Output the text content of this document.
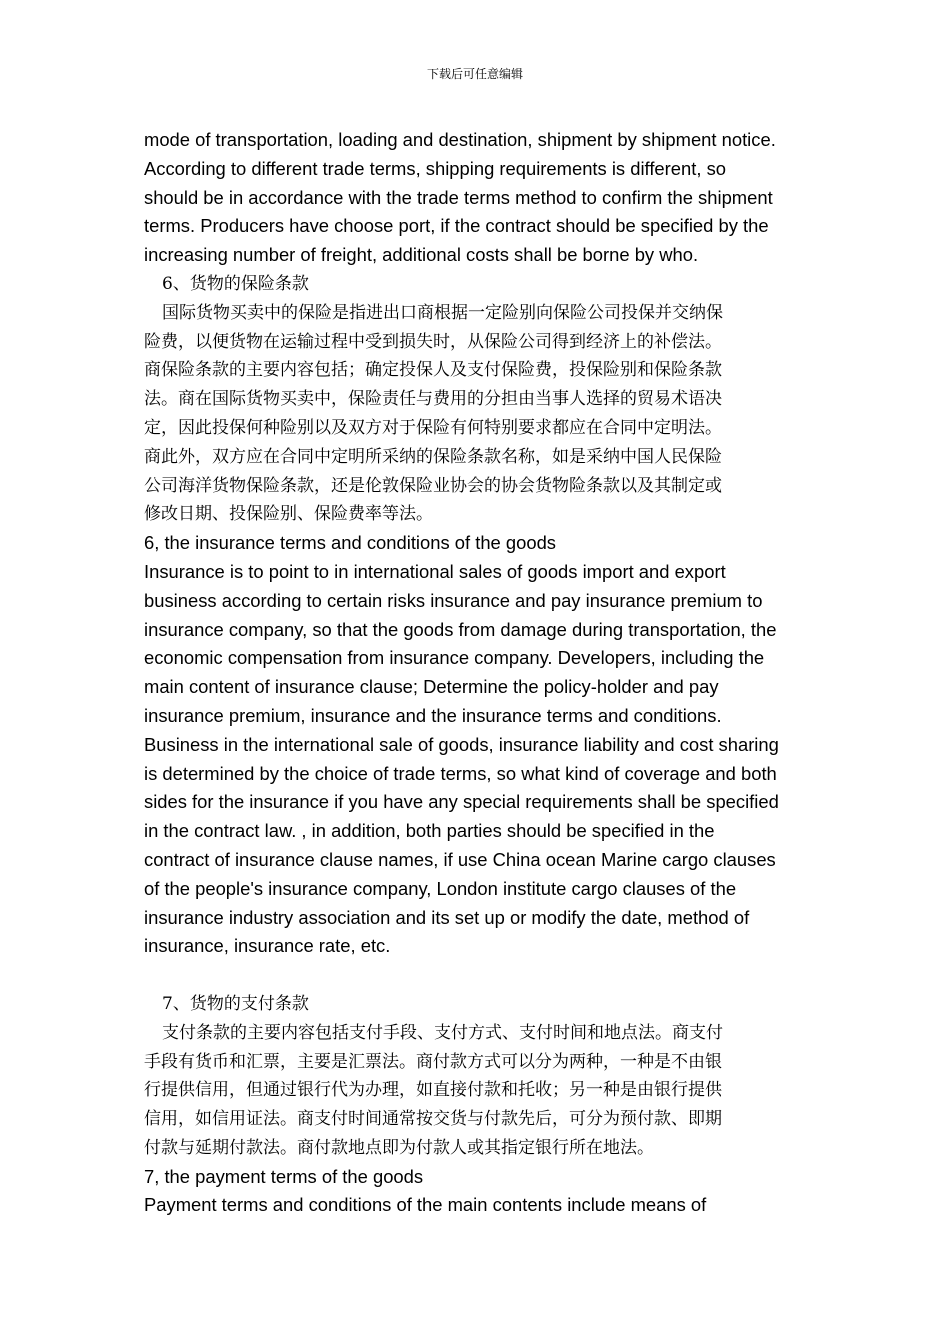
下载后可任意编辑

mode of transportation, loading and destination, shipment by shipment notice.

According to different trade terms, shipping requirements is different, so

should be in accordance with the trade terms method to confirm the shipment

terms. Producers have choose port, if the contract should be specified by the

increasing number of freight, additional costs shall be borne by who.

6、货物的保险条款

国际货物买卖中的保险是指进出口商根据一定险别向保险公司投保并交纳保

险费，以便货物在运输过程中受到损失时，从保险公司得到经济上的补偿法。

商保险条款的主要内容包括；确定投保人及支付保险费，投保险别和保险条款

法。商在国际货物买卖中，保险责任与费用的分担由当事人选择的贸易术语决

定，因此投保何种险别以及双方对于保险有何特别要求都应在合同中定明法。

商此外，双方应在合同中定明所采纳的保险条款名称，如是采纳中国人民保险

公司海洋货物保险条款，还是伦敦保险业协会的协会货物险条款以及其制定或

修改日期、投保险别、保险费率等法。

6, the insurance terms and conditions of the goods

Insurance is to point to in international sales of goods import and export

business according to certain risks insurance and pay insurance premium to

insurance company, so that the goods from damage during transportation, the

economic compensation from insurance company. Developers, including the

main content of insurance clause; Determine the policy-holder and pay

insurance premium, insurance and the insurance terms and conditions.

Business in the international sale of goods, insurance liability and cost sharing

is determined by the choice of trade terms, so what kind of coverage and both

sides for the insurance if you have any special requirements shall be specified

in the contract law. , in addition, both parties should be specified in the

contract of insurance clause names, if use China ocean Marine cargo clauses

of the people's insurance company, London institute cargo clauses of the

insurance industry association and its set up or modify the date, method of

insurance, insurance rate, etc.

7、货物的支付条款

支付条款的主要内容包括支付手段、支付方式、支付时间和地点法。商支付

手段有货币和汇票，主要是汇票法。商付款方式可以分为两种，一种是不由银

行提供信用，但通过银行代为办理，如直接付款和托收；另一种是由银行提供

信用，如信用证法。商支付时间通常按交货与付款先后，可分为预付款、即期

付款与延期付款法。商付款地点即为付款人或其指定银行所在地法。

7, the payment terms of the goods

Payment terms and conditions of the main contents include means of
